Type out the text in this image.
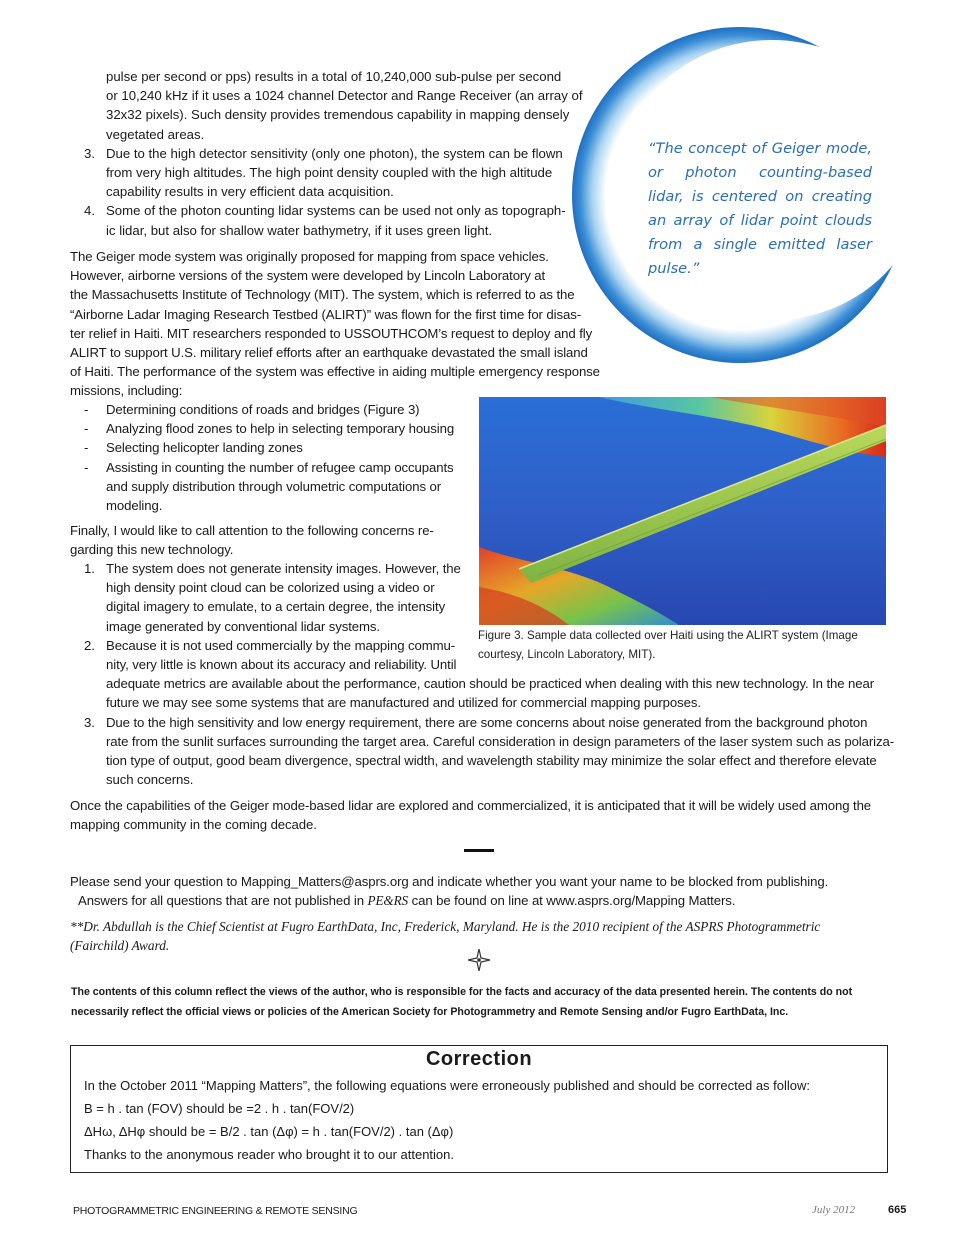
pulse per second or pps) results in a total of 10,240,000 sub-pulse per second
or 10,240 kHz if it uses a 1024 channel Detector and Range Receiver (an array of
32x32 pixels). Such density provides tremendous capability in mapping densely
vegetated areas.
3. Due to the high detector sensitivity (only one photon), the system can be flown
from very high altitudes. The high point density coupled with the high altitude
capability results in very efficient data acquisition.
4. Some of the photon counting lidar systems can be used not only as topograph-
ic lidar, but also for shallow water bathymetry, if it uses green light.
“The concept of Geiger mode, or photon counting-based lidar, is centered on creating an array of lidar point clouds from a single emitted laser pulse.”
The Geiger mode system was originally proposed for mapping from space vehicles.
However, airborne versions of the system were developed by Lincoln Laboratory at
the Massachusetts Institute of Technology (MIT). The system, which is referred to as the
“Airborne Ladar Imaging Research Testbed (ALIRT)” was flown for the first time for disas-
ter relief in Haiti. MIT researchers responded to USSOUTHCOM’s request to deploy and fly
ALIRT to support U.S. military relief efforts after an earthquake devastated the small island
of Haiti. The performance of the system was effective in aiding multiple emergency response
missions, including:
- Determining conditions of roads and bridges (Figure 3)
- Analyzing flood zones to help in selecting temporary housing
- Selecting helicopter landing zones
- Assisting in counting the number of refugee camp occupants
and supply distribution through volumetric computations or
modeling.
Finally, I would like to call attention to the following concerns re-
garding this new technology.
1. The system does not generate intensity images. However, the
high density point cloud can be colorized using a video or
digital imagery to emulate, to a certain degree, the intensity
image generated by conventional lidar systems.
2. Because it is not used commercially by the mapping commu-
nity, very little is known about its accuracy and reliability. Until
adequate metrics are available about the performance, caution should be practiced when dealing with this new technology. In the near
future we may see some systems that are manufactured and utilized for commercial mapping purposes.
3. Due to the high sensitivity and low energy requirement, there are some concerns about noise generated from the background photon
rate from the sunlit surfaces surrounding the target area. Careful consideration in design parameters of the laser system such as polariza-
tion type of output, good beam divergence, spectral width, and wavelength stability may minimize the solar effect and therefore elevate
such concerns.
Figure 3. Sample data collected over Haiti using the ALIRT system (Image
courtesy, Lincoln Laboratory, MIT).
Once the capabilities of the Geiger mode-based lidar are explored and commercialized, it is anticipated that it will be widely used among the
mapping community in the coming decade.
Please send your question to Mapping_Matters@asprs.org and indicate whether you want your name to be blocked from publishing.
Answers for all questions that are not published in PE&RS can be found on line at www.asprs.org/Mapping Matters.
**Dr. Abdullah is the Chief Scientist at Fugro EarthData, Inc, Frederick, Maryland. He is the 2010 recipient of the ASPRS Photogrammetric
(Fairchild) Award.
The contents of this column reflect the views of the author, who is responsible for the facts and accuracy of the data presented herein. The contents do not
necessarily reflect the official views or policies of the American Society for Photogrammetry and Remote Sensing and/or Fugro EarthData, Inc.
Correction
In the October 2011 “Mapping Matters”, the following equations were erroneously published and should be corrected as follow:
B = h . tan (FOV) should be =2 . h . tan(FOV/2)
ΔHω, ΔHφ should be = B/2 . tan (Δφ) = h . tan(FOV/2) . tan (Δφ)
Thanks to the anonymous reader who brought it to our attention.
PHOTOGRAMMETRIC ENGINEERING & REMOTE SENSING	July 2012	665
